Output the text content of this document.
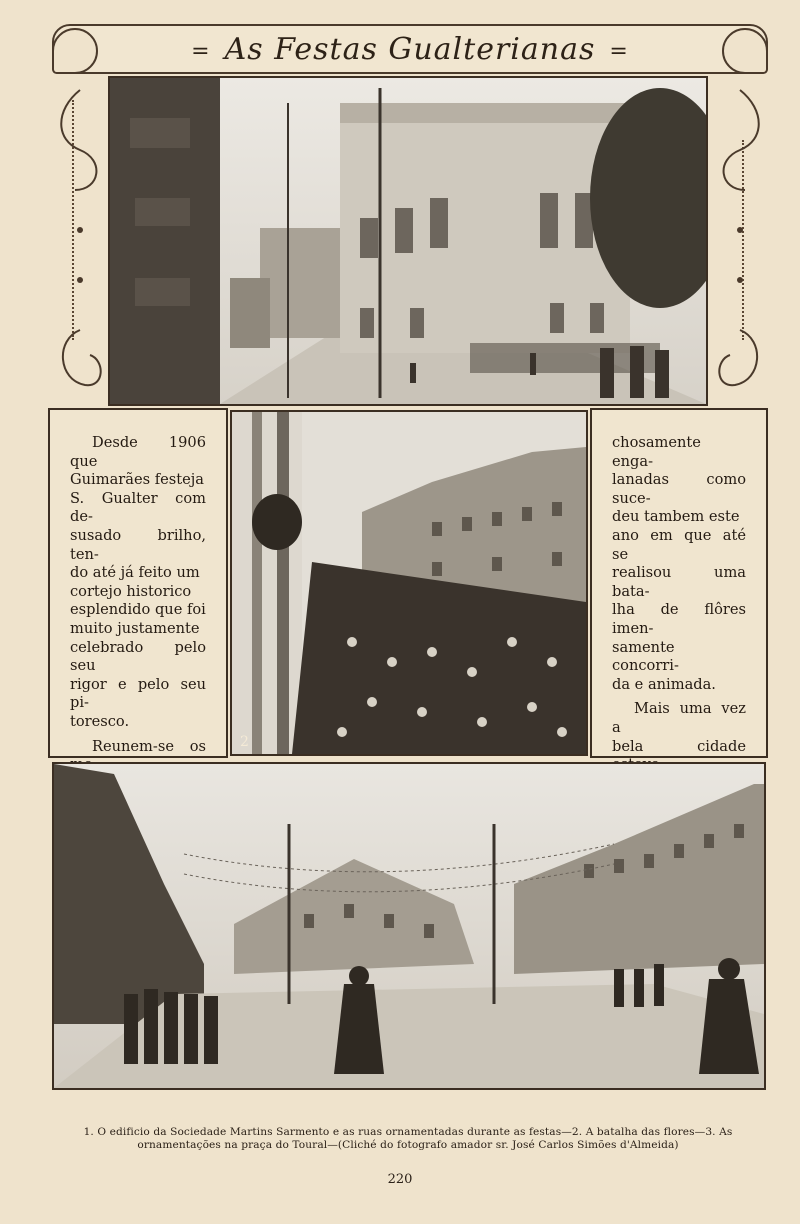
= As Festas Gualterianas =

Desde 1906 que
Guimarães festeja
S. Gualter com de-
susado brilho, ten-
do até já feito um
cortejo historico
esplendido que foi
muito justamente
celebrado pelo seu
rigor e pelo seu pi-
toresco.

Reunem-se os 2

chosamente enga-
lanadas como suce-
deu tambem este
ano em que até se
realisou uma bata-
lha de flôres imen-
samente concorri-
da e animada.

Mais uma vez a
bela cidade

1. O edificio da Sociedade Martins Sarmento e as ruas ornamentadas durante as festas—2. A batalha das flores—3. As ornamentações na praça do Toural—(Cliché do fotografo amador sr. José Carlos Simões d'Almeida)
220
